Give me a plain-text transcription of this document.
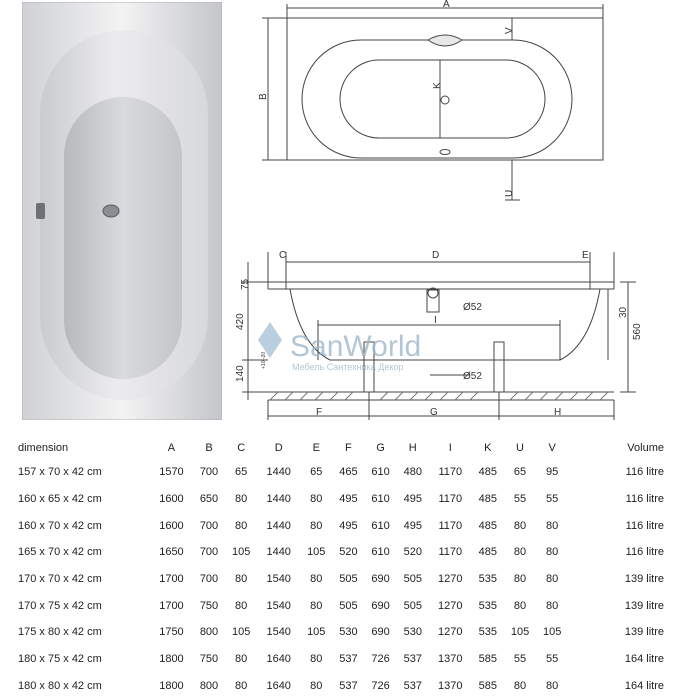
A
B
V
K
U
C	D	E
I
F	G	H
75
420
140
+10 -20
30
560
Ø52
Ø52
SanWorld
Мебель Сантехника Декор
dimension	A	B	C	D	E	F	G	H	I	K	U	V	Volume
157 x 70 x 42 cm	1570	700	65	1440	65	465	610	480	1170	485	65	95	116 litre
160 x 65 x 42 cm	1600	650	80	1440	80	495	610	495	1170	485	55	55	116 litre
160 x 70 x 42 cm	1600	700	80	1440	80	495	610	495	1170	485	80	80	116 litre
165 x 70 x 42 cm	1650	700	105	1440	105	520	610	520	1170	485	80	80	116 litre
170 x 70 x 42 cm	1700	700	80	1540	80	505	690	505	1270	535	80	80	139 litre
170 x 75 x 42 cm	1700	750	80	1540	80	505	690	505	1270	535	80	80	139 litre
175 x 80 x 42 cm	1750	800	105	1540	105	530	690	530	1270	535	105	105	139 litre
180 x 75 x 42 cm	1800	750	80	1640	80	537	726	537	1370	585	55	55	164 litre
180 x 80 x 42 cm	1800	800	80	1640	80	537	726	537	1370	585	80	80	164 litre
